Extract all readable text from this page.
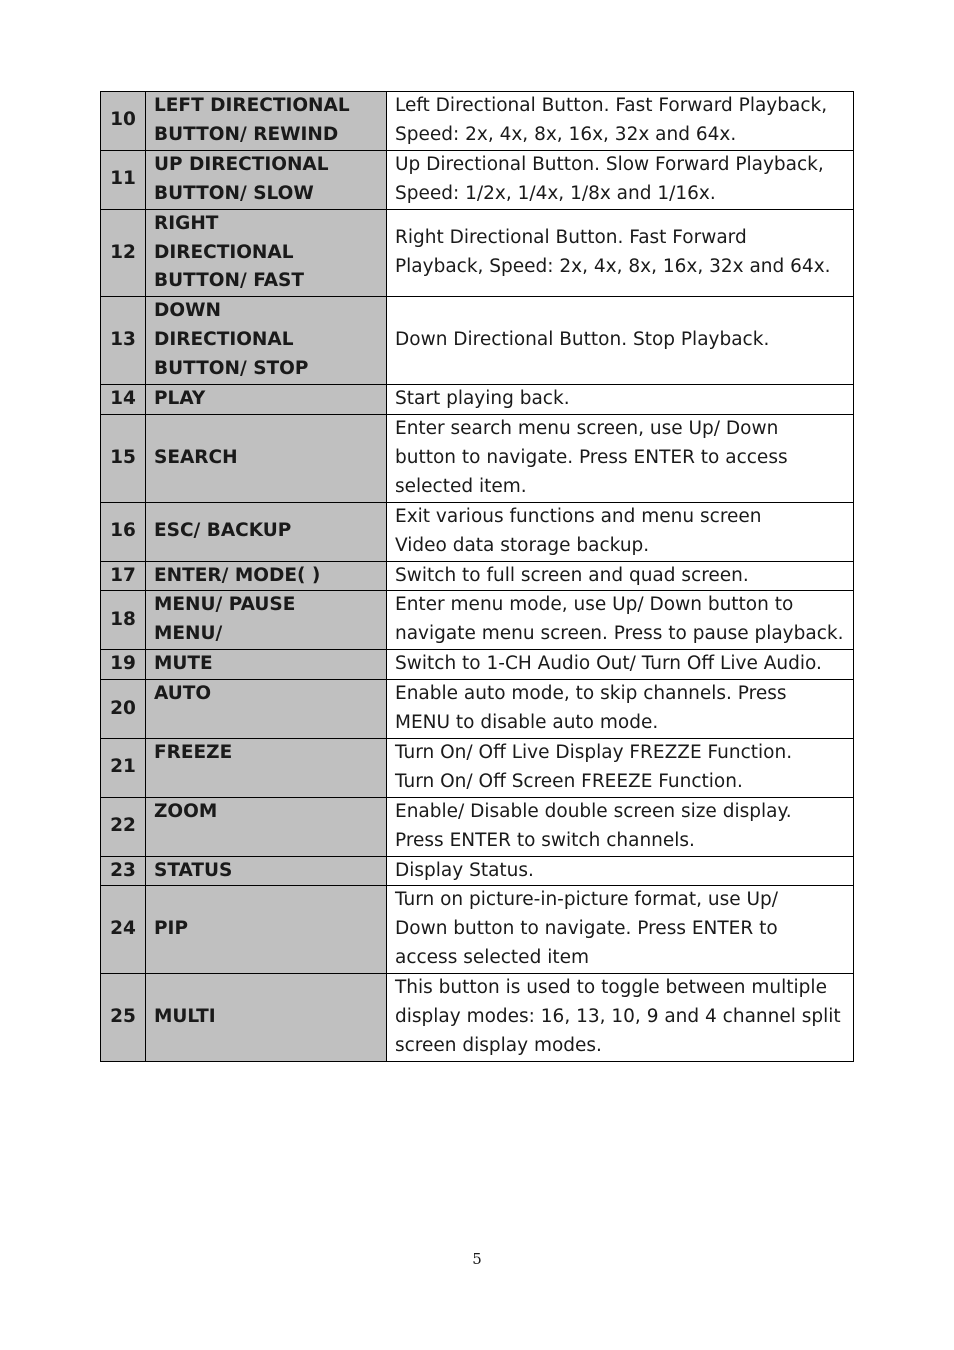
10	LEFT DIRECTIONAL
BUTTON/ REWIND	Left Directional Button. Fast Forward Playback,
Speed: 2x, 4x, 8x, 16x, 32x and 64x.

11	UP DIRECTIONAL
BUTTON/ SLOW	Up Directional Button. Slow Forward Playback,
Speed: 1/2x, 1/4x, 1/8x and 1/16x.

12	RIGHT
DIRECTIONAL
BUTTON/ FAST	Right Directional Button. Fast Forward
Playback, Speed: 2x, 4x, 8x, 16x, 32x and 64x.

13	DOWN
DIRECTIONAL
BUTTON/ STOP	Down Directional Button. Stop Playback.

14	PLAY	Start playing back.

15	SEARCH	Enter search menu screen, use Up/ Down
button to navigate. Press ENTER to access
selected item.

16	ESC/ BACKUP	Exit various functions and menu screen
Video data storage backup.

17	ENTER/ MODE( )	Switch to full screen and quad screen.

18	MENU/ PAUSE
MENU/	Enter menu mode, use Up/ Down button to
navigate menu screen. Press to pause playback.

19	MUTE	Switch to 1-CH Audio Out/ Turn Off Live Audio.

20	AUTO	Enable auto mode, to skip channels. Press
MENU to disable auto mode.

21	FREEZE	Turn On/ Off Live Display FREZZE Function.
Turn On/ Off Screen FREEZE Function.

22	ZOOM	Enable/ Disable double screen size display.
Press ENTER to switch channels.

23	STATUS	Display Status.

24	PIP	Turn on picture-in-picture format, use Up/
Down button to navigate. Press ENTER to
access selected item

25	MULTI	This button is used to toggle between multiple
display modes: 16, 13, 10, 9 and 4 channel split
screen display modes.
5
